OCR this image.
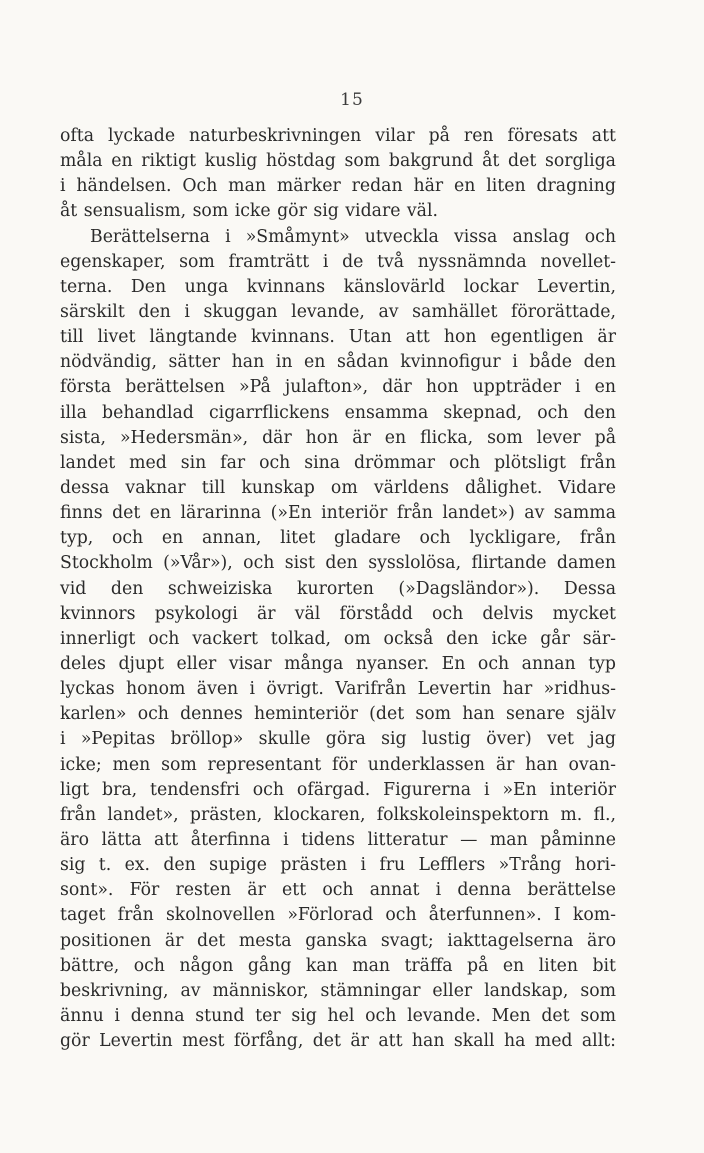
15
ofta lyckade naturbeskrivningen vilar på ren föresats att
måla en riktigt kuslig höstdag som bakgrund åt det sorgliga
i händelsen. Och man märker redan här en liten dragning
åt sensualism, som icke gör sig vidare väl.
Berättelserna i »Småmynt» utveckla vissa anslag och
egenskaper, som framträtt i de två nyssnämnda novellet-
terna. Den unga kvinnans känslovärld lockar Levertin,
särskilt den i skuggan levande, av samhället förorättade,
till livet längtande kvinnans. Utan att hon egentligen är
nödvändig, sätter han in en sådan kvinnofigur i både den
första berättelsen »På julafton», där hon uppträder i en
illa behandlad cigarrflickens ensamma skepnad, och den
sista, »Hedersmän», där hon är en flicka, som lever på
landet med sin far och sina drömmar och plötsligt från
dessa vaknar till kunskap om världens dålighet. Vidare
finns det en lärarinna (»En interiör från landet») av samma
typ, och en annan, litet gladare och lyckligare, från
Stockholm (»Vår»), och sist den sysslolösa, flirtande damen
vid den schweiziska kurorten (»Dagsländor»). Dessa
kvinnors psykologi är väl förstådd och delvis mycket
innerligt och vackert tolkad, om också den icke går sär-
deles djupt eller visar många nyanser. En och annan typ
lyckas honom även i övrigt. Varifrån Levertin har »ridhus-
karlen» och dennes heminteriör (det som han senare själv
i »Pepitas bröllop» skulle göra sig lustig över) vet jag
icke; men som representant för underklassen är han ovan-
ligt bra, tendensfri och ofärgad. Figurerna i »En interiör
från landet», prästen, klockaren, folkskoleinspektorn m. fl.,
äro lätta att återfinna i tidens litteratur — man påminne
sig t. ex. den supige prästen i fru Lefflers »Trång hori-
sont». För resten är ett och annat i denna berättelse
taget från skolnovellen »Förlorad och återfunnen». I kom-
positionen är det mesta ganska svagt; iakttagelserna äro
bättre, och någon gång kan man träffa på en liten bit
beskrivning, av människor, stämningar eller landskap, som
ännu i denna stund ter sig hel och levande. Men det som
gör Levertin mest förfång, det är att han skall ha med allt:
